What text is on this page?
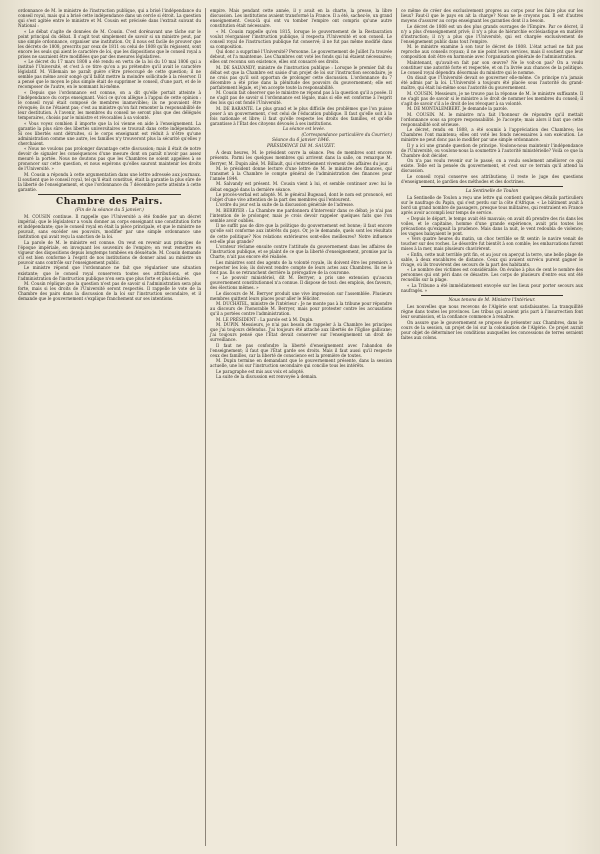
ordonnance de M. le ministre de l'instruction publique, qui a brisé l'indépendance du conseil royal, mais qui a brisé cette indépendance dans un cercle si étroit. La question qui s'est agitée entre le ministre et M. Cousin est précisée dans l'extrait suivant du National :

« Le débat s'agite de données de M. Cousin. C'est dorénavant une tâche sur le point principal du débat. Il s'agit tout simplement de savoir si un ministre peut, par une simple ordonnance, organiser une institution. Or, il nous est facile de prouver que les décrets de 1808, prescrits par ceux de 1811 ou celui de 1808 qu'ils régissent, sont encore les seuls qui aient le caractère de loi, que les dispositions que le conseil royal a prises ne sauraient être modifiées que par des mesures législatives.

« Le décret du 17 mars 1808 a été rendu en vertu de la loi du 10 mai 1806 qui a institué l'Université, et c'est à ce titre qu'on a pu prétendre qu'il avait le caractère législatif. M. Villemain ne paraît guère s'être préoccupé de cette question; il ne semble pas même avoir songé qu'il fallût mettre la moindre sollicitude à la réserver. Il a pensé que le moyen le plus simple était de supprimer le conseil, d'une part, et de le recomposer de l'autre, en le nommant lui-même.

« Depuis que l'ordonnance est connue, on a dit qu'elle portait atteinte à l'indépendance du corps enseignant. Voici ce qu'on allègue à l'appui de cette opinion : le conseil royal était composé de membres inamovibles; ils ne pouvaient être révoqués; ils ne l'étaient pas; c'est au ministre qu'on fait remonter la responsabilité de leur destitution. À l'avenir, les membres du conseil ne seront plus que des délégués temporaires, choisis par le ministre et révocables à sa volonté.

« Vous voyez combien il importe que la loi vienne en aide à l'enseignement. La garantie la plus sûre des libertés universitaires se trouvait dans cette indépendance. Si ces libertés sont détruites, si le corps enseignant est réduit à n'être qu'une administration comme une autre, les familles n'y trouveront plus la sécurité qu'elles y cherchaient.

« Nous ne voulons pas prolonger davantage cette discussion; mais il était de notre devoir de signaler les conséquences d'une mesure dont on paraît n'avoir pas assez mesuré la portée. Nous ne doutons pas que les Chambres ne soient appelées à se prononcer sur cette question, et nous espérons qu'elles sauront maintenir les droits de l'Université. »

M. Cousin a répondu à cette argumentation dans une lettre adressée aux journaux. Il soutient que le conseil royal, tel qu'il était constitué, était la garantie la plus sûre de la liberté de l'enseignement, et que l'ordonnance du 7 décembre porte atteinte à cette garantie.

Chambre des Pairs.
(Fin de la séance du 5 janvier.)

M. COUSIN continue. Il rappelle que l'Université a été fondée par un décret impérial; que le législateur a voulu donner au corps enseignant une constitution forte et indépendante; que le conseil royal en était la pièce principale, et que le ministre ne pouvait, sans excéder ses pouvoirs, modifier par une simple ordonnance une institution qui avait reçu la sanction de la loi.

La parole de M. le ministre est connue. On veut en revenir aux principes de l'époque impériale, en invoquant les souvenirs de l'empire; on veut remettre en vigueur des dispositions depuis longtemps tombées en désuétude. M. Cousin demande s'il est bien conforme à l'esprit de nos institutions de donner ainsi au ministre un pouvoir sans contrôle sur l'enseignement public.

Le ministre répond que l'ordonnance ne fait que régulariser une situation existante; que le conseil royal conservera toutes ses attributions, et que l'administration de l'instruction publique n'en sera que plus forte et plus éclairée.

M. Cousin réplique que la question n'est pas de savoir si l'administration sera plus forte, mais si les droits de l'Université seront respectés. Il rappelle le vote de la Chambre des pairs dans la discussion de la loi sur l'instruction secondaire, et il demande que le gouvernement s'explique franchement sur ses intentions.

empire. Mais pendant cette année, il y avait en la charte, la presse, la libre discussion. Les institutions avaient transformé la France. Il a été, sachez-le, un grand enseignement. Ceux-là qui ont vu tomber l'empire ont compris qu'une autre constitution était nécessaire.

« M. Cousin rappelle qu'en 1815, lorsque le gouvernement de la Restauration voulut réorganiser l'instruction publique, il respecta l'Université et son conseil. Le conseil royal de l'instruction publique fut conservé; il ne fut pas même modifié dans sa composition.

Qui donc a supprimé l'Université? Personne. Le gouvernement de Juillet l'a trouvée debout, et l'a maintenue. Les Chambres ont voté les fonds qui lui étaient nécessaires; elles ont reconnu son existence, elles ont consacré ses droits.

M. DE SALVANDY, ministre de l'instruction publique : Lorsque le premier fait du débat est que la Chambre est saisie d'un projet de loi sur l'instruction secondaire, je ne crois pas qu'il soit opportun de prolonger cette discussion. L'ordonnance du 7 décembre a été prise dans la plénitude des pouvoirs du gouvernement; elle est parfaitement légale, et j'en accepte toute la responsabilité.

M. Cousin fait observer que le ministre ne répond pas à la question qu'il a posée. Il ne s'agit pas de savoir si l'ordonnance est légale, mais si elle est conforme à l'esprit des lois qui ont fondé l'Université.

M. DE BARANTE. Le plus grand et le plus difficile des problèmes que l'on puisse poser à un gouvernement, c'est celui de l'éducation publique. Il faut qu'elle soit à la fois nationale et libre; il faut qu'elle respecte les droits des familles, et qu'elle garantisse à l'État des citoyens dévoués à ses institutions.

La séance est levée.

(Correspondance particulière du Courrier.)
Séance du 6 janvier 1846.
PRÉSIDENCE DE M. SAUZET.

À deux heures, M. le président ouvre la séance. Peu de membres sont encore présents. Parmi les quelques membres qui arrivent dans la salle, on remarque M. Berryer, M. Dupin aîné, M. Billault, qui s'entretiennent vivement des affaires du jour.

M. le président donne lecture d'une lettre de M. le ministre des finances, qui transmet à la Chambre le compte général de l'administration des finances pour l'année 1844.

M. Salvandy est présent. M. Cousin vient à lui, et semble continuer avec lui le débat engagé dans la dernière séance.

Le procès-verbal est adopté. M. le général Bugeaud, dont le nom est prononcé, est l'objet d'une vive attention de la part des membres qui l'entourent.

L'ordre du jour est la suite de la discussion générale de l'adresse.

M. BERRYER : La Chambre me pardonnera d'intervenir dans ce débat; je n'ai pas l'intention de le prolonger, mais je crois devoir rappeler quelques faits que l'on semble avoir oubliés.

Il ne suffit pas de dire que la politique du gouvernement est bonne; il faut encore qu'elle soit conforme aux intérêts du pays. Or, je le demande, quels sont les résultats de cette politique? Nos relations extérieures sont-elles meilleures? Notre influence est-elle plus grande?

L'orateur réclame ensuite contre l'attitude du gouvernement dans les affaires de l'instruction publique, et se plaint de ce que la liberté d'enseignement, promise par la Charte, n'ait pas encore été réalisée.

Les ministres sont des agents de la volonté royale, ils doivent être les premiers à respecter les lois; ils doivent rendre compte de leurs actes aux Chambres. Ils ne le font pas. Ils se retranchent derrière la prérogative de la couronne.

« Le pouvoir ministériel, dit M. Berryer, a pris une extension qu'aucun gouvernement constitutionnel n'a connue. Il dispose de tout: des emplois, des faveurs, des élections mêmes. »

Le discours de M. Berryer produit une vive impression sur l'assemblée. Plusieurs membres quittent leurs places pour aller le féliciter.

M. DUCHÂTEL, ministre de l'intérieur : Je ne monte pas à la tribune pour répondre au discours de l'honorable M. Berryer, mais pour protester contre les accusations qu'il a portées contre l'administration.

M. LE PRÉSIDENT : La parole est à M. Dupin.

M. DUPIN. Messieurs, je n'ai pas besoin de rappeler à la Chambre les principes que j'ai toujours défendus. J'ai toujours été attaché aux libertés de l'Église gallicane; j'ai toujours pensé que l'État devait conserver sur l'enseignement un droit de surveillance.

Il faut ne pas confondre la liberté d'enseignement avec l'abandon de l'enseignement; il faut que l'État garde ses droits. Mais il faut aussi qu'il respecte ceux des familles, car la liberté de conscience est la première de toutes.

M. Dupin termine en demandant que le gouvernement présente, dans la session actuelle, une loi sur l'instruction secondaire qui concilie tous les intérêts.

Le paragraphe est mis aux voix et adopté.

La suite de la discussion est renvoyée à demain.

ce même de créer des exclusivement propres au corps pour les faire plus sur les lieux? Faut-il que le pays en ait la charge? Nous ne le croyons pas. Il est d'autres moyens d'assurer au corps enseignant les garanties dont il a besoin.

Le décret de 1808 est un des plus grands ouvrages de l'Empire. Par ce décret, il n'y a plus d'enseignement privé; il n'y a plus de hiérarchie ecclésiastique en matière d'instruction; il n'y a plus que l'Université, qui est chargée exclusivement de l'enseignement public dans tout l'empire.

M. le ministre examine à son tour le décret de 1808. L'état actuel ne fait pas reproche aux conseils royaux; il ne nie point leurs services, mais il soutient que leur composition doit être en harmonie avec l'organisation générale de l'administration.

Maintenant, qu'avait-on fait par son œuvre? Ne le voit-on pas? On a voulu constituer une autorité forte et respectée, et on l'a livrée aux chances de la politique. Le conseil royal dépendra désormais du ministre qui le nomme.

On disait que l'Université devait se gouverner elle-même. Ce principe n'a jamais été admis par la loi. L'Université a toujours été placée sous l'autorité du grand-maître, qui était lui-même sous l'autorité du gouvernement.

M. COUSIN. Messieurs, je ne trouve pas la réponse de M. le ministre suffisante. Il ne s'agit pas de savoir si le ministre a le droit de nommer les membres du conseil; il s'agit de savoir s'il a le droit de les révoquer à sa volonté.

M. DE MONTALEMBERT. Je demande la parole.

M. COUSIN. M. le ministre m'a fait l'honneur de répondre qu'il mettait l'ordonnance sous sa propre responsabilité. Je l'accepte; mais alors il faut que cette responsabilité soit sérieuse.

Le décret, rendu en 1808, a été soumis à l'appréciation des Chambres; les Chambres l'ont maintenu; elles ont voté les fonds nécessaires à son exécution. Le ministre ne peut donc pas le modifier par une simple ordonnance.

Il y a ici une grande question de principe. Voulons-nous maintenir l'indépendance de l'Université, ou voulons-nous la soumettre à l'autorité ministérielle? Voilà ce que la Chambre doit décider.

On n'a pas voulu revenir sur le passé; on a voulu seulement améliorer ce qui existe. Telle est la pensée du gouvernement, et c'est sur ce terrain qu'il attend la discussion.

Le conseil royal conserve ses attributions; il reste le juge des questions d'enseignement, le gardien des méthodes et des doctrines.

La Sentinelle de Toulon

La Sentinelle de Toulon a reçu une lettre qui contient quelques détails particuliers sur le naufrage du Papin, qui s'est perdu sur la côte d'Afrique. « Le bâtiment avait à bord un grand nombre de passagers, presque tous militaires, qui rentraient en France après avoir accompli leur temps de service.

« Depuis le départ, le temps avait été mauvais; on avait dû prendre des ris dans les voiles, et le capitaine, homme d'une grande expérience, avait pris toutes les précautions qu'exigeait la prudence. Mais dans la nuit, le vent redoubla de violence; les vagues balayaient le pont.

« Vers quatre heures du matin, un choc terrible se fit sentir: le navire venait de toucher sur des roches. Le désordre fut bientôt à son comble; les embarcations furent mises à la mer, mais plusieurs chavirèrent.

« Enfin, cette nuit terrible prit fin, et au jour on aperçut la terre, une belle plage de sable, à deux encablures de distance. Ceux qui avaient survécu purent gagner le rivage, où ils trouvèrent des secours de la part des habitants.

« Le nombre des victimes est considérable. On évalue à plus de cent le nombre des personnes qui ont péri dans ce désastre. Les corps de plusieurs d'entre eux ont été recueillis sur la plage.

« La Tribune a été immédiatement envoyée sur les lieux pour porter secours aux naufragés. »

Nous tenons de M. Ministre l'Intérieur.

Les nouvelles que nous recevons de l'Algérie sont satisfaisantes. La tranquillité règne dans toutes les provinces. Les tribus qui avaient pris part à l'insurrection font leur soumission, et la confiance commence à renaître.

On assure que le gouvernement se propose de présenter aux Chambres, dans le cours de la session, un projet de loi sur la colonisation de l'Algérie. Ce projet aurait pour objet de déterminer les conditions auxquelles les concessions de terres seraient faites aux colons.
